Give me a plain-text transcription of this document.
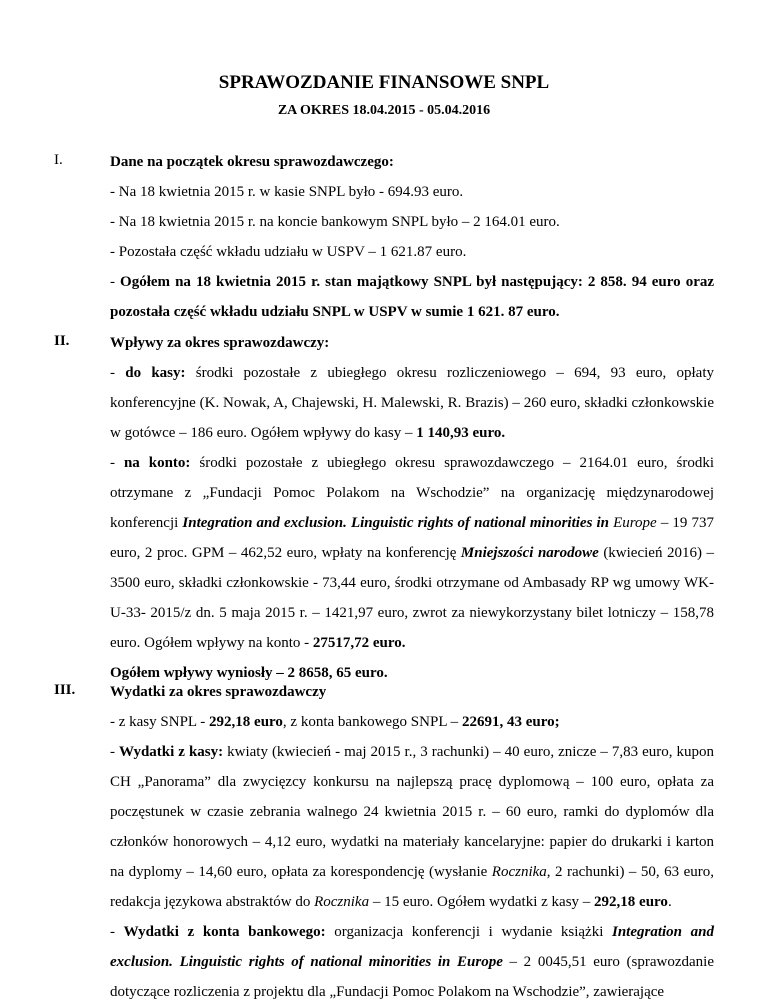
SPRAWOZDANIE FINANSOWE SNPL
ZA OKRES 18.04.2015 - 05.04.2016
I.	Dane na początek okresu sprawozdawczego:

- Na 18 kwietnia 2015 r. w kasie SNPL było - 694.93 euro.

- Na 18 kwietnia 2015 r. na koncie bankowym SNPL było – 2 164.01 euro.

- Pozostała część wkładu udziału w USPV – 1 621.87 euro.

- Ogółem na 18 kwietnia 2015 r. stan majątkowy SNPL był następujący: 2 858. 94 euro oraz pozostała część wkładu udziału SNPL w USPV w sumie 1 621. 87 euro.

II.	Wpływy za okres sprawozdawczy:

- do kasy: środki pozostałe z ubiegłego okresu rozliczeniowego – 694, 93 euro, opłaty konferencyjne (K. Nowak, A, Chajewski, H. Malewski, R. Brazis) – 260 euro, składki członkowskie w gotówce – 186 euro. Ogółem wpływy do kasy – 1 140,93 euro.

- na konto: środki pozostałe z ubiegłego okresu sprawozdawczego – 2164.01 euro, środki otrzymane z „Fundacji Pomoc Polakom na Wschodzie” na organizację międzynarodowej konferencji Integration and exclusion. Linguistic rights of national minorities in Europe – 19 737 euro, 2 proc. GPM – 462,52 euro, wpłaty na konferencję Mniejszości narodowe (kwiecień 2016) – 3500 euro, składki członkowskie - 73,44 euro, środki otrzymane od Ambasady RP wg umowy WK-U-33- 2015/z dn. 5 maja 2015 r. – 1421,97 euro, zwrot za niewykorzystany bilet lotniczy – 158,78 euro. Ogółem wpływy na konto - 27517,72 euro.

Ogółem wpływy wyniosły – 2 8658, 65 euro.

III. Wydatki za okres sprawozdawczy

- z kasy SNPL - 292,18 euro, z konta bankowego SNPL – 22691, 43 euro;

- Wydatki z kasy: kwiaty (kwiecień - maj 2015 r., 3 rachunki) – 40 euro, znicze – 7,83 euro, kupon CH „Panorama” dla zwycięzcy konkursu na najlepszą pracę dyplomową – 100 euro, opłata za poczęstunek w czasie zebrania walnego 24 kwietnia 2015 r. – 60 euro, ramki do dyplomów dla członków honorowych – 4,12 euro, wydatki na materiały kancelaryjne: papier do drukarki i karton na dyplomy – 14,60 euro, opłata za korespondencję (wysłanie Rocznika, 2 rachunki) – 50, 63 euro, redakcja językowa abstraktów do Rocznika – 15 euro. Ogółem wydatki z kasy – 292,18 euro.

- Wydatki z konta bankowego: organizacja konferencji i wydanie książki Integration and exclusion. Linguistic rights of national minorities in Europe – 2 0045,51 euro (sprawozdanie dotyczące rozliczenia z projektu dla „Fundacji Pomoc Polakom na Wschodzie”, zawierające
